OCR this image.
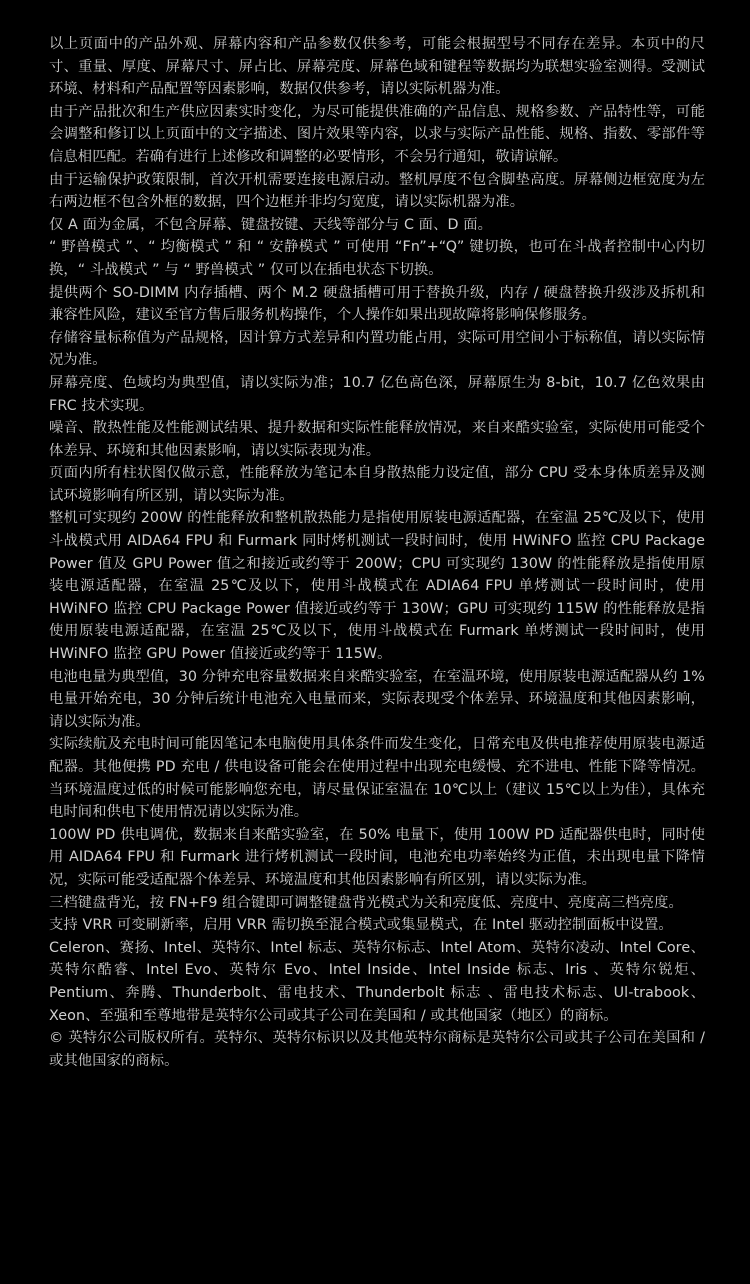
以上页面中的产品外观、屏幕内容和产品参数仅供参考，可能会根据型号不同存在差异。本页中的尺寸、重量、厚度、屏幕尺寸、屏占比、屏幕亮度、屏幕色域和键程等数据均为联想实验室测得。受测试环境、材料和产品配置等因素影响，数据仅供参考，请以实际机器为准。

由于产品批次和生产供应因素实时变化，为尽可能提供准确的产品信息、规格参数、产品特性等，可能会调整和修订以上页面中的文字描述、图片效果等内容，以求与实际产品性能、规格、指数、零部件等信息相匹配。若确有进行上述修改和调整的必要情形，不会另行通知，敬请谅解。

由于运输保护政策限制，首次开机需要连接电源启动。整机厚度不包含脚垫高度。屏幕侧边框宽度为左右两边框不包含外框的数据，四个边框并非均匀宽度，请以实际机器为准。

仅 A 面为金属，不包含屏幕、键盘按键、天线等部分与 C 面、D 面。

“ 野兽模式 ”、“ 均衡模式 ” 和 “ 安静模式 ” 可使用 “Fn”+“Q” 键切换，也可在斗战者控制中心内切换，“ 斗战模式 ” 与 “ 野兽模式 ” 仅可以在插电状态下切换。

提供两个 SO-DIMM 内存插槽、两个 M.2 硬盘插槽可用于替换升级，内存 / 硬盘替换升级涉及拆机和兼容性风险，建议至官方售后服务机构操作，个人操作如果出现故障将影响保修服务。

存储容量标称值为产品规格，因计算方式差异和内置功能占用，实际可用空间小于标称值，请以实际情况为准。

屏幕亮度、色域均为典型值，请以实际为准；10.7 亿色高色深，屏幕原生为 8-bit，10.7 亿色效果由 FRC 技术实现。

噪音、散热性能及性能测试结果、提升数据和实际性能释放情况，来自来酷实验室，实际使用可能受个体差异、环境和其他因素影响，请以实际表现为准。

页面内所有柱状图仅做示意，性能释放为笔记本自身散热能力设定值，部分 CPU 受本身体质差异及测试环境影响有所区别，请以实际为准。

整机可实现约 200W 的性能释放和整机散热能力是指使用原装电源适配器，在室温 25℃及以下，使用斗战模式用 AIDA64 FPU 和 Furmark 同时烤机测试一段时间时，使用 HWiNFO 监控 CPU Package Power 值及 GPU Power 值之和接近或约等于 200W；CPU 可实现约 130W 的性能释放是指使用原装电源适配器，在室温 25℃及以下，使用斗战模式在 ADIA64 FPU 单烤测试一段时间时，使用 HWiNFO 监控 CPU Package Power 值接近或约等于 130W；GPU 可实现约 115W 的性能释放是指使用原装电源适配器，在室温 25℃及以下，使用斗战模式在 Furmark 单烤测试一段时间时，使用 HWiNFO 监控 GPU Power 值接近或约等于 115W。

电池电量为典型值，30 分钟充电容量数据来自来酷实验室，在室温环境，使用原装电源适配器从约 1% 电量开始充电，30 分钟后统计电池充入电量而来，实际表现受个体差异、环境温度和其他因素影响，请以实际为准。

实际续航及充电时间可能因笔记本电脑使用具体条件而发生变化，日常充电及供电推荐使用原装电源适配器。其他便携 PD 充电 / 供电设备可能会在使用过程中出现充电缓慢、充不进电、性能下降等情况。当环境温度过低的时候可能影响您充电，请尽量保证室温在 10℃以上（建议 15℃以上为佳），具体充电时间和供电下使用情况请以实际为准。

100W PD 供电调优，数据来自来酷实验室，在 50% 电量下，使用 100W PD 适配器供电时，同时使用 AIDA64 FPU 和 Furmark 进行烤机测试一段时间，电池充电功率始终为正值，未出现电量下降情况，实际可能受适配器个体差异、环境温度和其他因素影响有所区别，请以实际为准。

三档键盘背光，按 FN+F9 组合键即可调整键盘背光模式为关和亮度低、亮度中、亮度高三档亮度。

支持 VRR 可变刷新率，启用 VRR 需切换至混合模式或集显模式，在 Intel 驱动控制面板中设置。

Celeron、赛扬、Intel、英特尔、Intel 标志、英特尔标志、Intel Atom、英特尔凌动、Intel Core、英特尔酷睿、Intel Evo、英特尔 Evo、Intel Inside、Intel Inside 标志、Iris 、英特尔锐炬、Pentium、奔腾、Thunderbolt、雷电技术、Thunderbolt 标志 、雷电技术标志、Ul-trabook、Xeon、至强和至尊地带是英特尔公司或其子公司在美国和 / 或其他国家（地区）的商标。

© 英特尔公司版权所有。英特尔、英特尔标识以及其他英特尔商标是英特尔公司或其子公司在美国和 / 或其他国家的商标。
